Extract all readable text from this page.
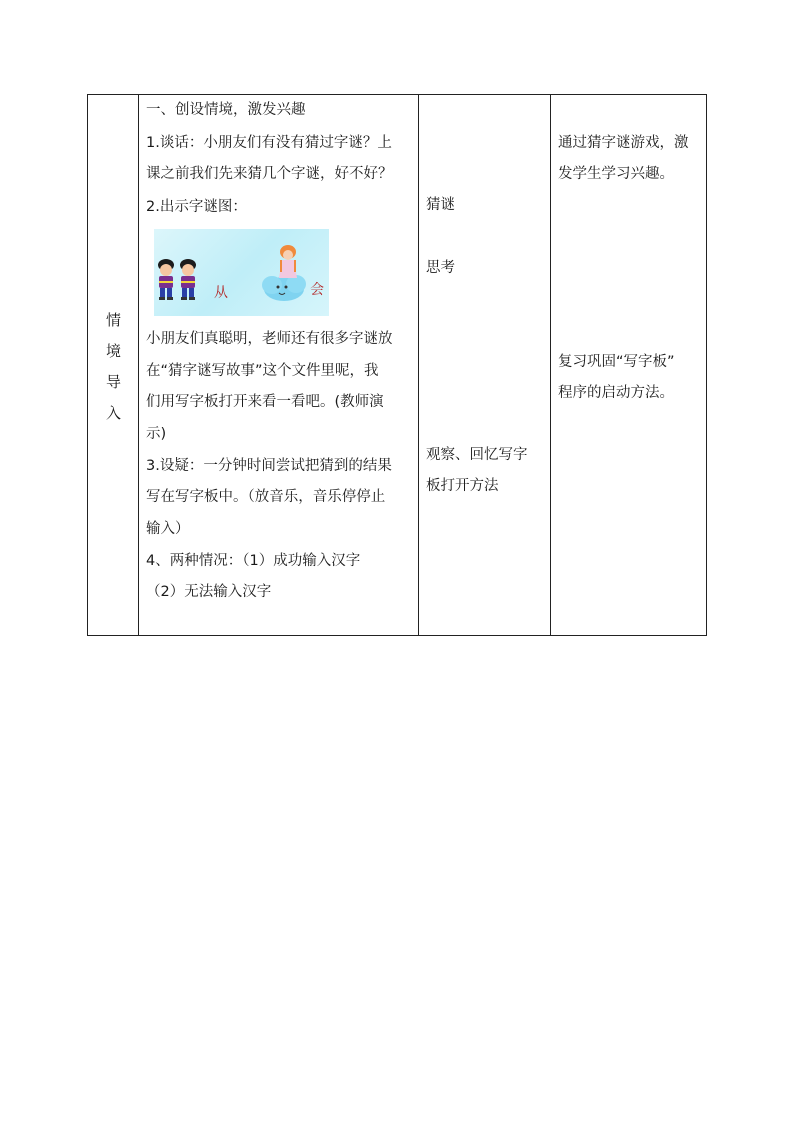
情
境
导
入
一、创设情境，激发兴趣
1.谈话：小朋友们有没有猜过字谜？上
课之前我们先来猜几个字谜，好不好？
2.出示字谜图：
从	会
小朋友们真聪明，老师还有很多字谜放
在“猜字谜写故事”这个文件里呢，我
们用写字板打开来看一看吧。(教师演
示)
3.设疑：一分钟时间尝试把猜到的结果
写在写字板中。（放音乐，音乐停停止
输入）
4、两种情况：（1）成功输入汉字
（2）无法输入汉字
猜谜
思考
观察、回忆写字
板打开方法
通过猜字谜游戏，激
发学生学习兴趣。
复习巩固“写字板”
程序的启动方法。
